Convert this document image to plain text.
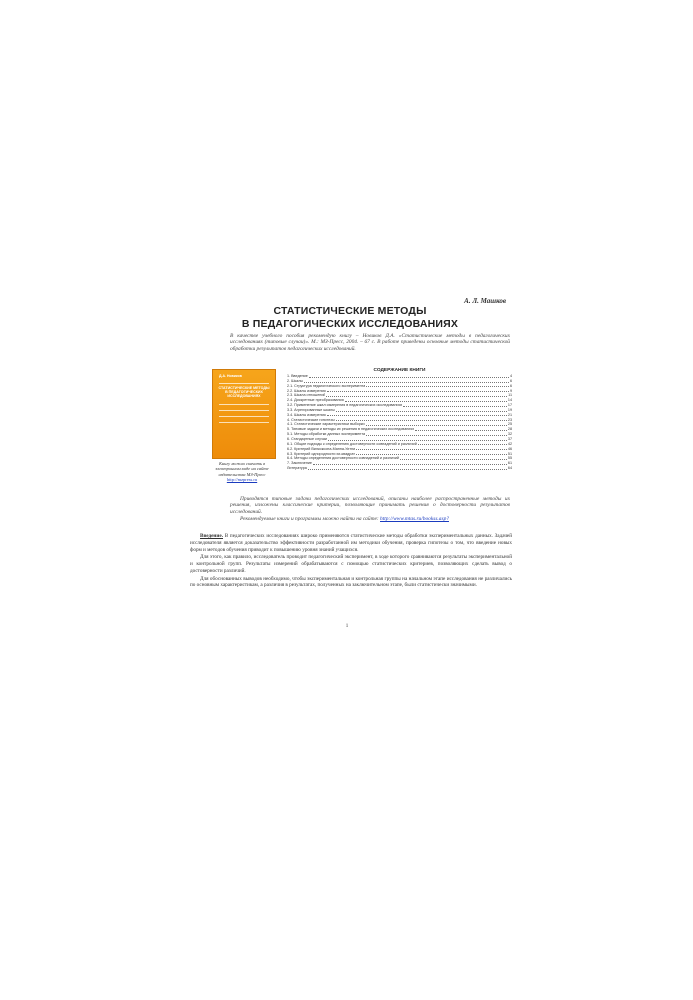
А. Л. Машков
СТАТИСТИЧЕСКИЕ МЕТОДЫ
В ПЕДАГОГИЧЕСКИХ ИССЛЕДОВАНИЯХ
В качестве учебного пособия рекомендую книгу – Новиков Д.А. «Статистические методы в педагогических исследованиях (типовые случаи)». М.: МЗ-Пресс, 2004. – 67 с. В работе приведены основные методы статистической обработки результатов педагогических исследований.
Д.А. Новиков
СТАТИСТИЧЕСКИЕ МЕТОДЫ В ПЕДАГОГИЧЕСКИХ ИССЛЕДОВАНИЯХ
Книгу можно скачать в электронном виде на сайте издательства МЗ-Пресс
http://mzpress.ru
СОДЕРЖАНИЕ КНИГИ
1. Введение	4
2. Шкалы	6
2.1. Структура педагогического эксперимента	6
2.2. Шкалы измерения	9
2.3. Шкала отношений	11
2.4. Дискретные преобразования	14
3.2. Применение шкал измерения в педагогических исследованиях	17
3.3. Агрегированные шкалы	19
3.4. Шкалы измерения	21
4. Статистические гипотезы	23
4.1. Статистические характеристики выборки	25
5. Типовые задачи и методы их решения в педагогических исследованиях	28
5.1. Методы обработки данных эксперимента	32
6. Стандартные случаи	37
6.1. Общие подходы к определению достоверности совпадений и различий	42
6.2. Критерий Вилкоксона-Манна-Уитни	46
6.3. Критерий однородности хи-квадрат	51
6.4. Методы определения достоверности совпадений и различий	55
7. Заключение	61
Литература	64

Приводятся типовые задачи педагогических исследований, описаны наиболее распространенные методы их решения, изложены классические критерии, позволяющие принимать решения о достоверности результатов исследований.

Рекомендуемые книги и программы можно найти на сайте: http://www.mtas.ru/bookss.asp?

Введение. В педагогических исследованиях широко применяются статистические методы обработки экспериментальных данных. Задачей исследователя является доказательство эффективности разработанной им методики обучения, проверка гипотезы о том, что введение новых форм и методов обучения приводит к повышению уровня знаний учащихся.

Для этого, как правило, исследователь проводит педагогический эксперимент, в ходе которого сравниваются результаты экспериментальной и контрольной групп. Результаты измерений обрабатываются с помощью статистических критериев, позволяющих сделать вывод о достоверности различий.

Для обоснованных выводов необходимо, чтобы экспериментальная и контрольная группы на начальном этапе исследования не различались по основным характеристикам, а различия в результатах, полученных на заключительном этапе, были статистически значимыми.

1
